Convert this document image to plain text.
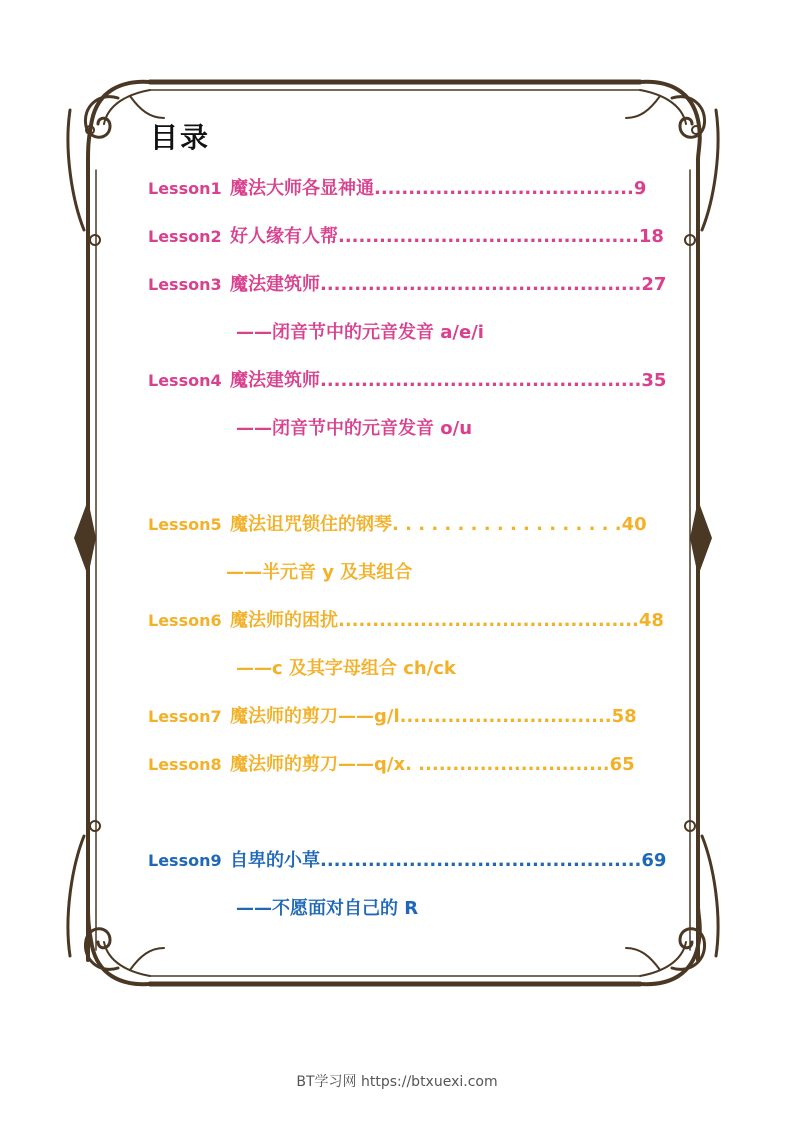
目录
Lesson1 魔法大师各显神通......................................9
Lesson2 好人缘有人帮............................................18
Lesson3 魔法建筑师...............................................27
——闭音节中的元音发音 a/e/i
Lesson4 魔法建筑师...............................................35
——闭音节中的元音发音 o/u
Lesson5 魔法诅咒锁住的钢琴. . . . . . . . . . . . . . . . . .40
——半元音 y 及其组合
Lesson6 魔法师的困扰............................................48
——c 及其字母组合 ch/ck
Lesson7 魔法师的剪刀——g/l...............................58
Lesson8 魔法师的剪刀——q/x. ............................65
Lesson9 自卑的小草...............................................69
——不愿面对自己的 R
BT学习网 https://btxuexi.com
